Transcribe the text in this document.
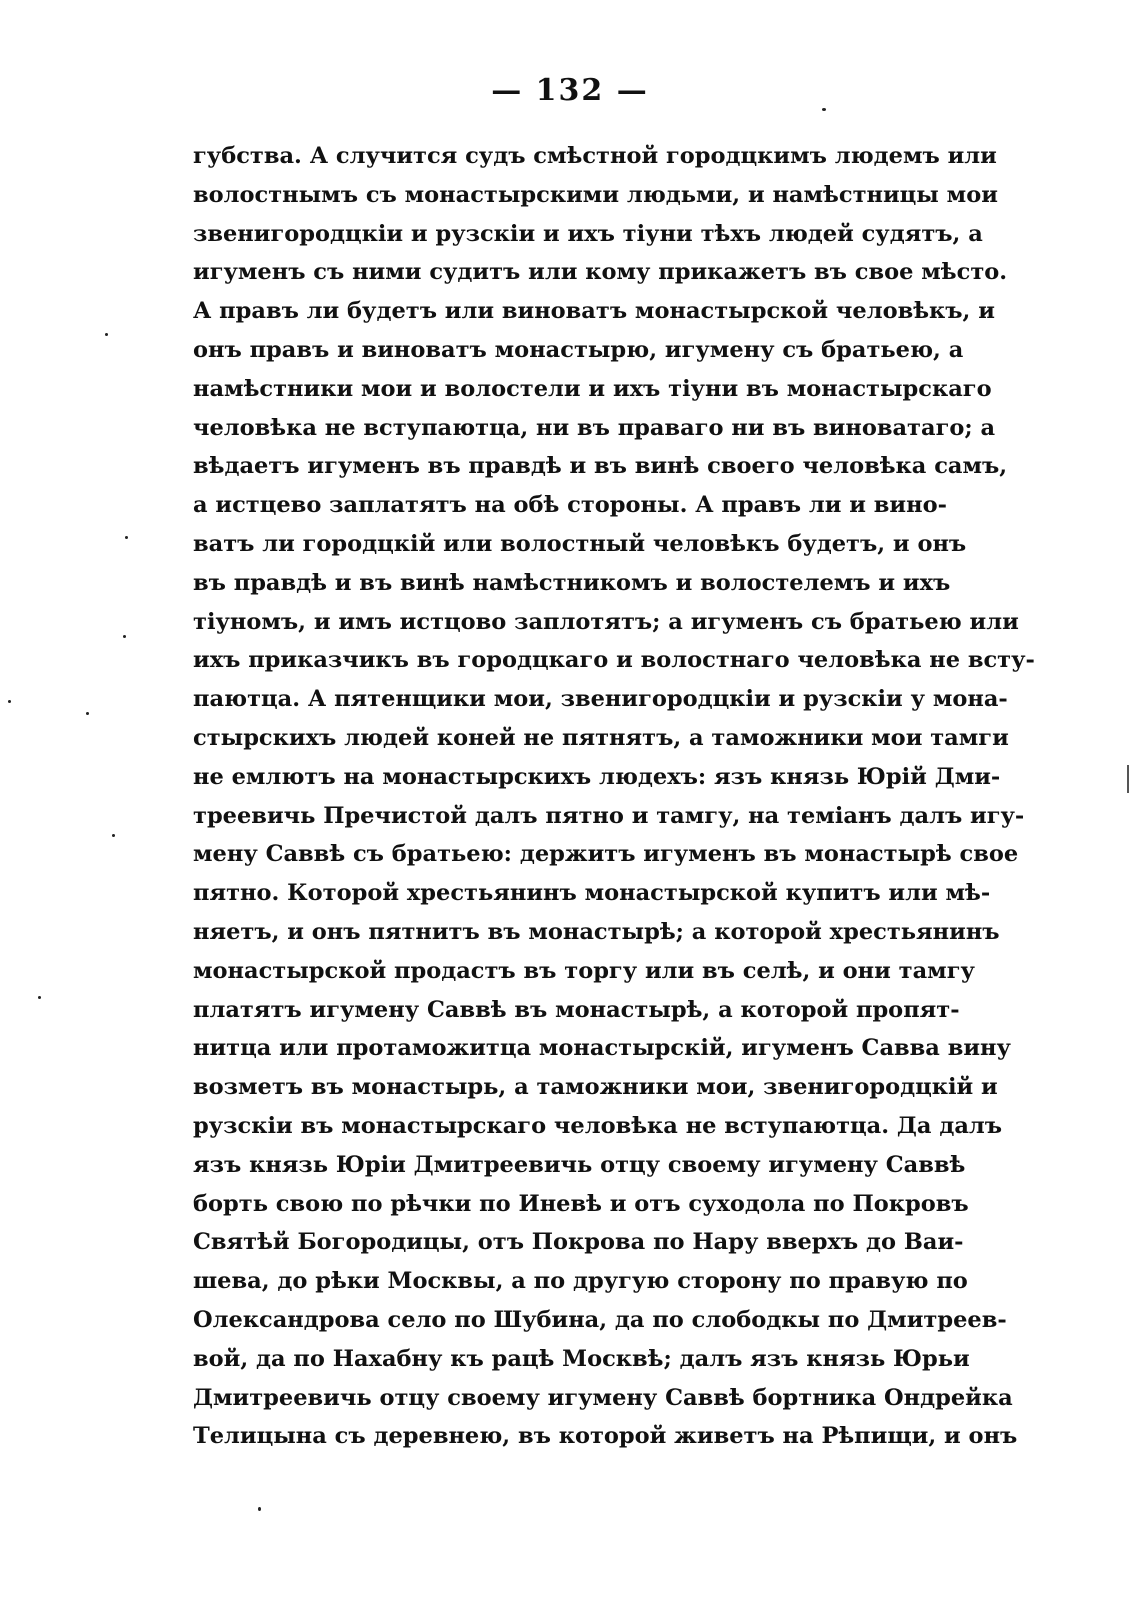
— 132 —
губства. А случится судъ смѣстной городцкимъ людемъ или
волостнымъ съ монастырскими людьми, и намѣстницы мои
звенигородцкіи и рузскіи и ихъ тіуни тѣхъ людей судятъ, а
игуменъ съ ними судитъ или кому прикажетъ въ свое мѣсто.
А правъ ли будетъ или виноватъ монастырской человѣкъ, и
онъ правъ и виноватъ монастырю, игумену съ братьею, а
намѣстники мои и волостели и ихъ тіуни въ монастырскаго
человѣка не вступаютца, ни въ праваго ни въ виноватаго; а
вѣдаетъ игуменъ въ правдѣ и въ винѣ своего человѣка самъ,
а истцево заплатятъ на обѣ стороны. А правъ ли и вино-
ватъ ли городцкій или волостный человѣкъ будетъ, и онъ
въ правдѣ и въ винѣ намѣстникомъ и волостелемъ и ихъ
тіуномъ, и имъ истцово заплотятъ; а игуменъ съ братьею или
ихъ приказчикъ въ городцкаго и волостнаго человѣка не всту-
паютца. А пятенщики мои, звенигородцкіи и рузскіи у мона-
стырскихъ людей коней не пятнятъ, а таможники мои тамги
не емлютъ на монастырскихъ людехъ: язъ князь Юрій Дми-
треевичь Пречистой далъ пятно и тамгу, на теміанъ далъ игу-
мену Саввѣ съ братьею: держитъ игуменъ въ монастырѣ свое
пятно. Которой хрестьянинъ монастырской купитъ или мѣ-
няетъ, и онъ пятнитъ въ монастырѣ; а которой хрестьянинъ
монастырской продастъ въ торгу или въ селѣ, и они тамгу
платятъ игумену Саввѣ въ монастырѣ, а которой пропят-
нитца или протаможитца монастырскій, игуменъ Савва вину
возметъ въ монастырь, а таможники мои, звенигородцкій и
рузскіи въ монастырскаго человѣка не вступаютца. Да далъ
язъ князь Юріи Дмитреевичь отцу своему игумену Саввѣ
борть свою по рѣчки по Иневѣ и отъ суходола по Покровъ
Святѣй Богородицы, отъ Покрова по Нару вверхъ до Ваи-
шева, до рѣки Москвы, а по другую сторону по правую по
Олександрова село по Шубина, да по слободкы по Дмитреев-
вой, да по Нахабну къ рацѣ Москвѣ; далъ язъ князь Юрьи
Дмитреевичь отцу своему игумену Саввѣ бортника Ондрейка
Телицына съ деревнею, въ которой живетъ на Рѣпищи, и онъ
